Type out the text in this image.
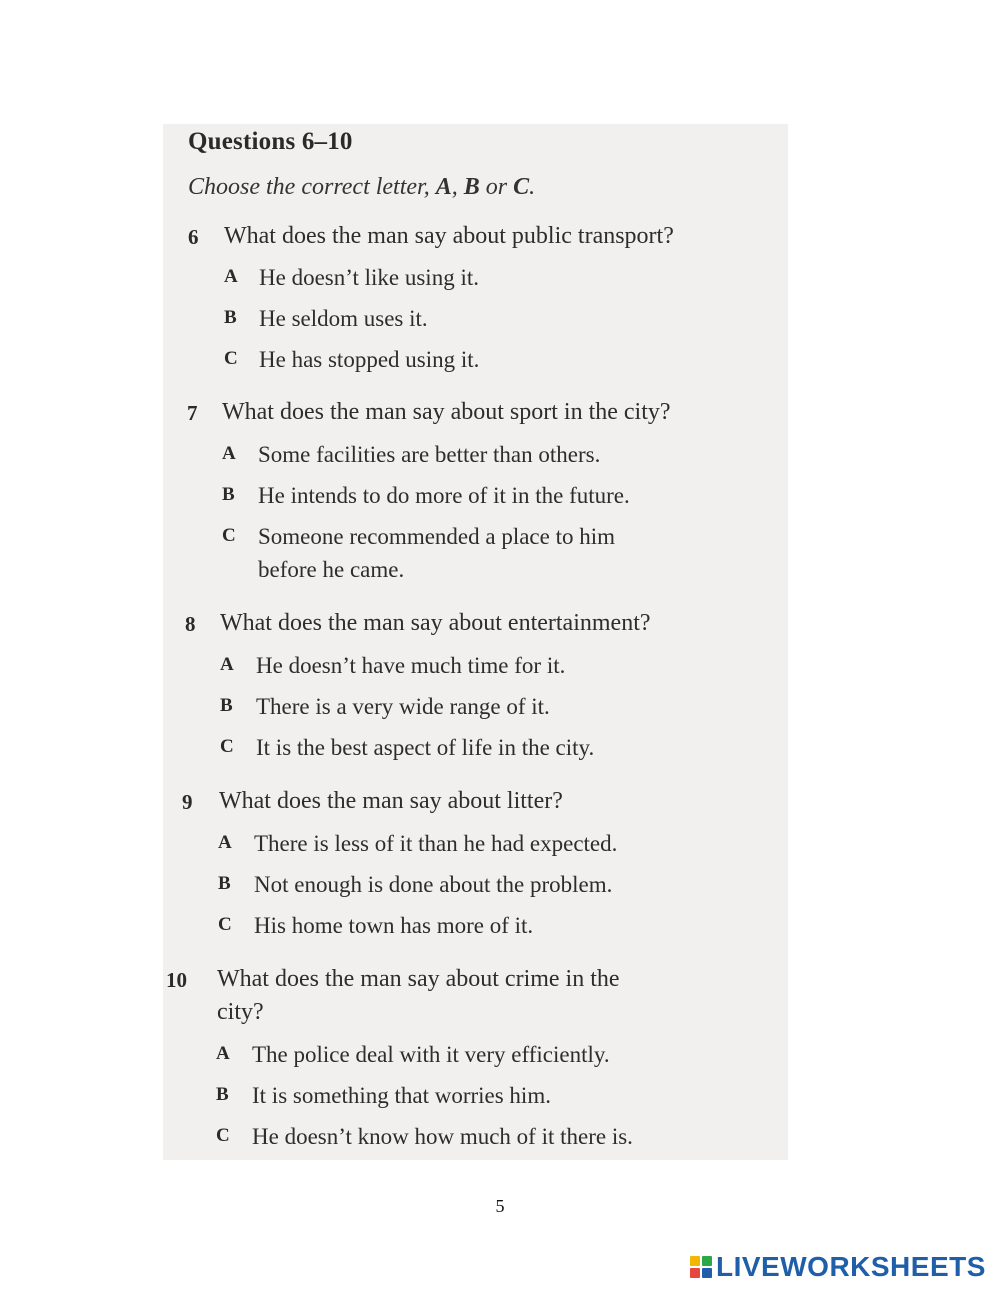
Questions 6–10
Choose the correct letter, A, B or C.
6 What does the man say about public transport?
A He doesn’t like using it.
B He seldom uses it.
C He has stopped using it.
7 What does the man say about sport in the city?
A Some facilities are better than others.
B He intends to do more of it in the future.
C Someone recommended a place to him
before he came.
8 What does the man say about entertainment?
A He doesn’t have much time for it.
B There is a very wide range of it.
C It is the best aspect of life in the city.
9 What does the man say about litter?
A There is less of it than he had expected.
B Not enough is done about the problem.
C His home town has more of it.
10 What does the man say about crime in the
city?
A The police deal with it very efficiently.
B It is something that worries him.
C He doesn’t know how much of it there is.
5
LIVEWORKSHEETS
